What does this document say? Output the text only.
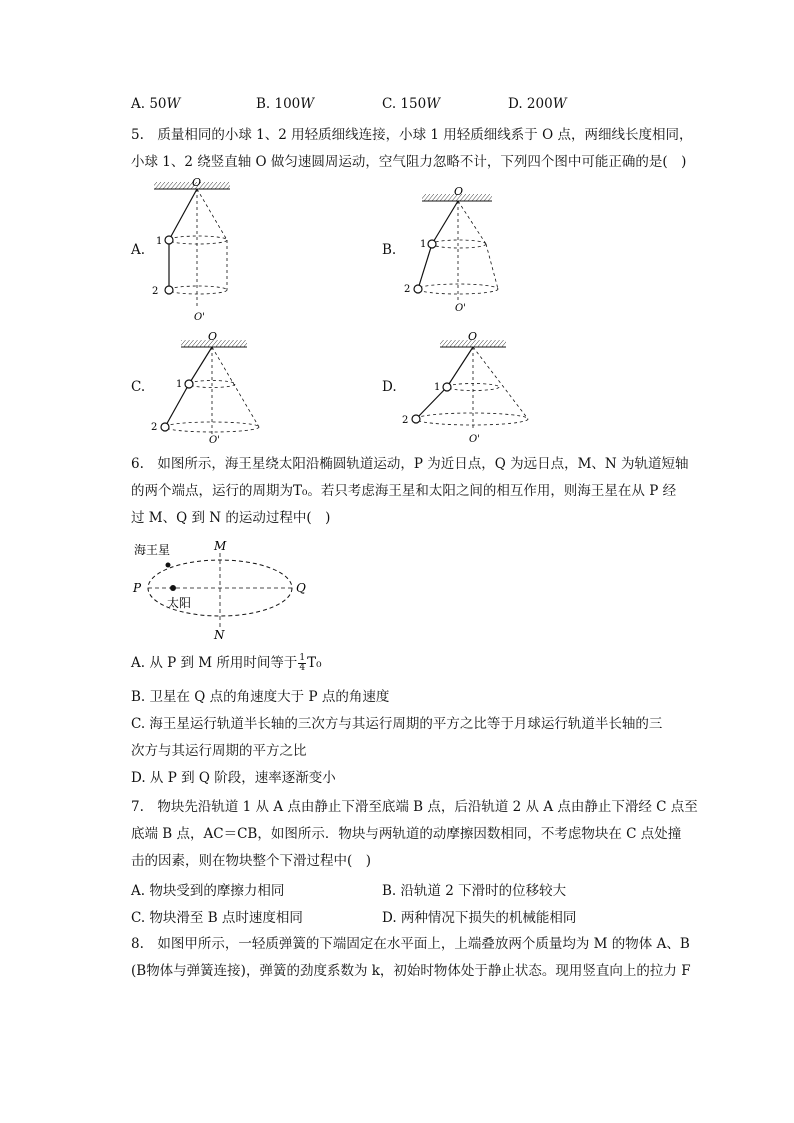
A. 50W	B. 100W	C. 150W	D. 200W
5.　质量相同的小球 1、2 用轻质细线连接，小球 1 用轻质细线系于 O 点，两细线长度相同，
小球 1、2 绕竖直轴 O 做匀速圆周运动，空气阻力忽略不计，下列四个图中可能正确的是(　)
A.	B.
C.	D.
O
1
2
O'
O
1
2
O'
O
1
2
O'
O
1
2
O'
6.　如图所示，海王星绕太阳沿椭圆轨道运动，P 为近日点，Q 为远日点，M、N 为轨道短轴
的两个端点，运行的周期为T₀。若只考虑海王星和太阳之间的相互作用，则海王星在从 P 经
过 M、Q 到 N 的运动过程中(　)
海王星
太阳
P	Q
M
N
A. 从 P 到 M 所用时间等于 $\frac{1}{4} T_0$
B. 卫星在 Q 点的角速度大于 P 点的角速度
C. 海王星运行轨道半长轴的三次方与其运行周期的平方之比等于月球运行轨道半长轴的三
次方与其运行周期的平方之比
D. 从 P 到 Q 阶段，速率逐渐变小
7.　物块先沿轨道 1 从 A 点由静止下滑至底端 B 点，后沿轨道 2 从 A 点由静止下滑经 C 点至
底端 B 点，AC＝CB，如图所示．物块与两轨道的动摩擦因数相同，不考虑物块在 C 点处撞
击的因素，则在物块整个下滑过程中(　)
A. 物块受到的摩擦力相同	B. 沿轨道 2 下滑时的位移较大
C. 物块滑至 B 点时速度相同	D. 两种情况下损失的机械能相同
8.　如图甲所示，一轻质弹簧的下端固定在水平面上，上端叠放两个质量均为 M 的物体 A、B
(B物体与弹簧连接)，弹簧的劲度系数为 k，初始时物体处于静止状态。现用竖直向上的拉力 F
